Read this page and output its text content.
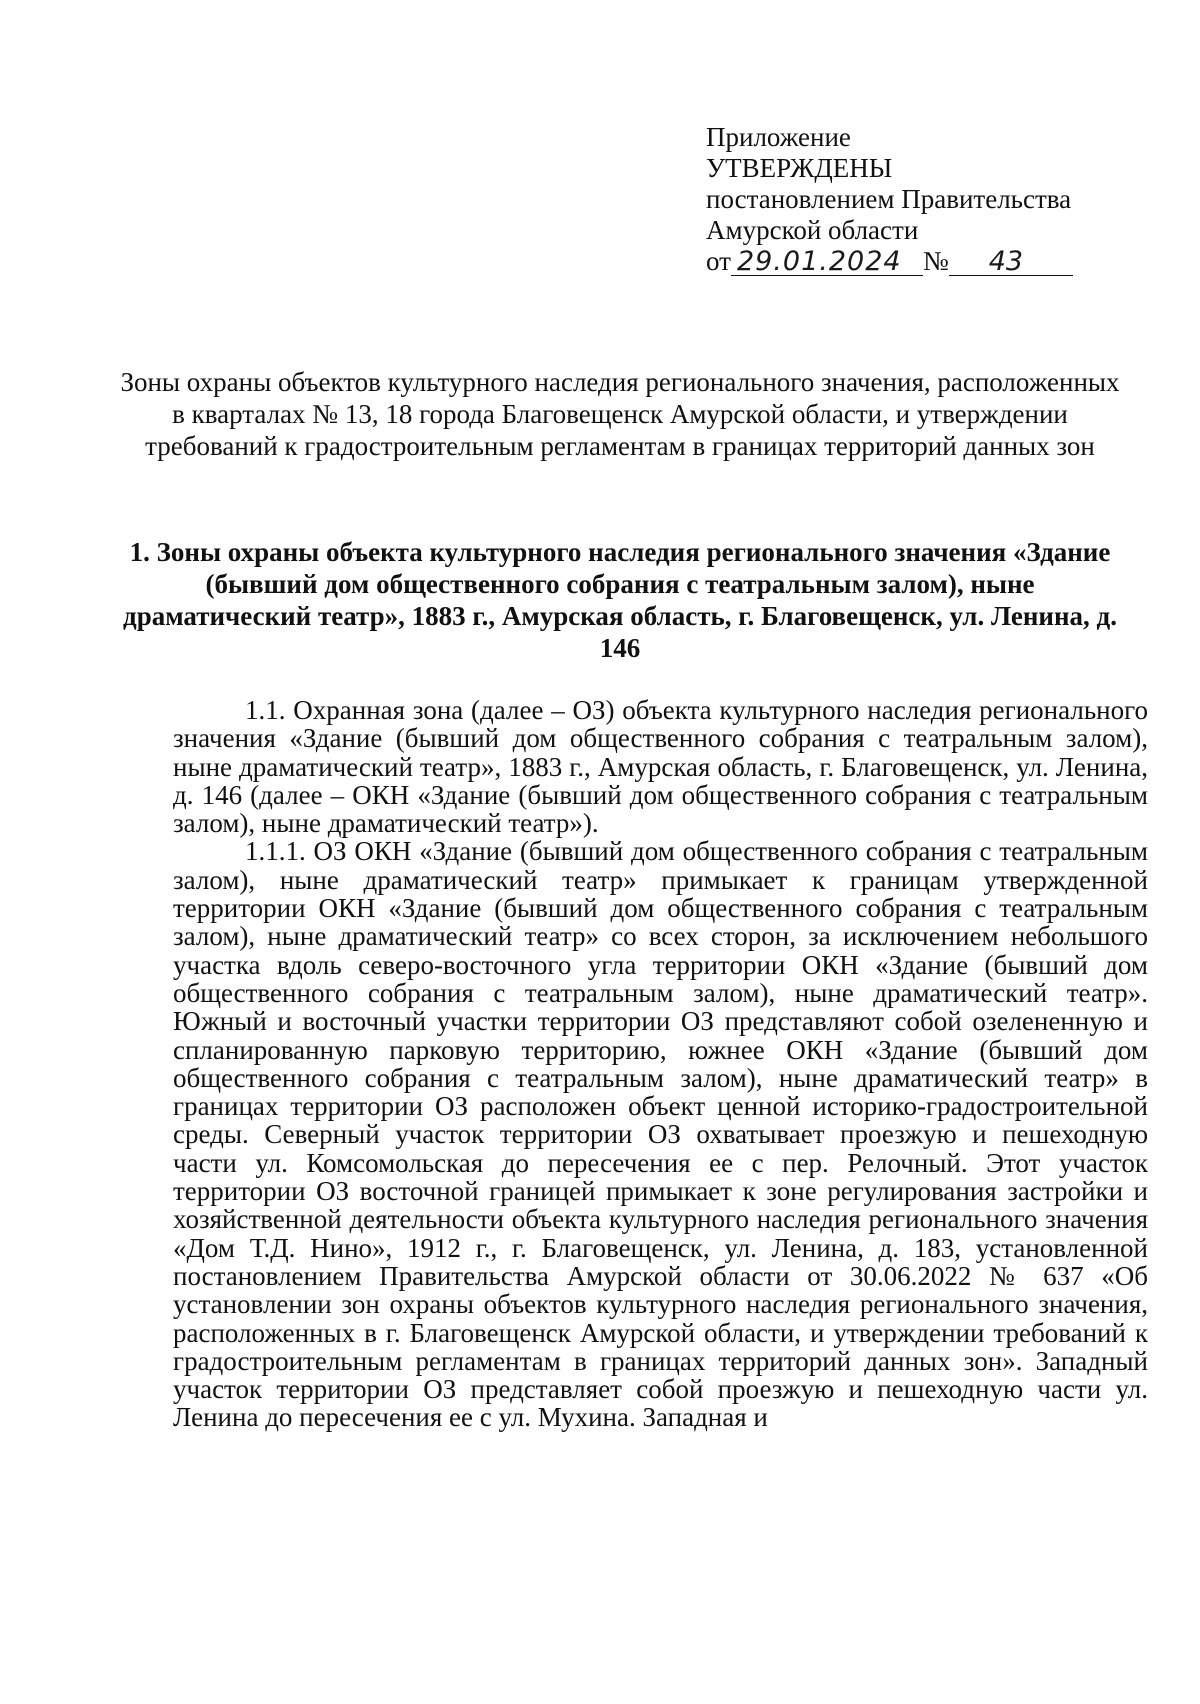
Приложение
УТВЕРЖДЕНЫ
постановлением Правительства
Амурской области
от 29.01.2024 №	43
Зоны охраны объектов культурного наследия регионального значения, расположенных в кварталах № 13, 18 города Благовещенск Амурской области, и утверждении требований к градостроительным регламентам в границах территорий данных зон
1. Зоны охраны объекта культурного наследия регионального значения «Здание (бывший дом общественного собрания с театральным залом), ныне драматический театр», 1883 г., Амурская область, г. Благовещенск, ул. Ленина, д. 146

1.1. Охранная зона (далее – ОЗ) объекта культурного наследия регионального значения «Здание (бывший дом общественного собрания с театральным залом), ныне драматический театр», 1883 г., Амурская область, г. Благовещенск, ул. Ленина, д. 146 (далее – ОКН «Здание (бывший дом общественного собрания с театральным залом), ныне драматический театр»).

1.1.1. ОЗ ОКН «Здание (бывший дом общественного собрания с театральным залом), ныне драматический театр» примыкает к границам утвержденной территории ОКН «Здание (бывший дом общественного собрания с театральным залом), ныне драматический театр» со всех сторон, за исключением небольшого участка вдоль северо-восточного угла территории ОКН «Здание (бывший дом общественного собрания с театральным залом), ныне драматический театр». Южный и восточный участки территории ОЗ представляют собой озелененную и спланированную парковую территорию, южнее ОКН «Здание (бывший дом общественного собрания с театральным залом), ныне драматический театр» в границах территории ОЗ расположен объект ценной историко-градостроительной среды. Северный участок территории ОЗ охватывает проезжую и пешеходную части ул. Комсомольская до пересечения ее с пер. Релочный. Этот участок территории ОЗ восточной границей примыкает к зоне регулирования застройки и хозяйственной деятельности объекта культурного наследия регионального значения «Дом Т.Д. Нино», 1912 г., г. Благовещенск, ул. Ленина, д. 183, установленной постановлением Правительства Амурской области от 30.06.2022 № 637 «Об установлении зон охраны объектов культурного наследия регионального значения, расположенных в г. Благовещенск Амурской области, и утверждении требований к градостроительным регламентам в границах территорий данных зон». Западный участок территории ОЗ представляет собой проезжую и пешеходную части ул. Ленина до пересечения ее с ул. Мухина. Западная и
